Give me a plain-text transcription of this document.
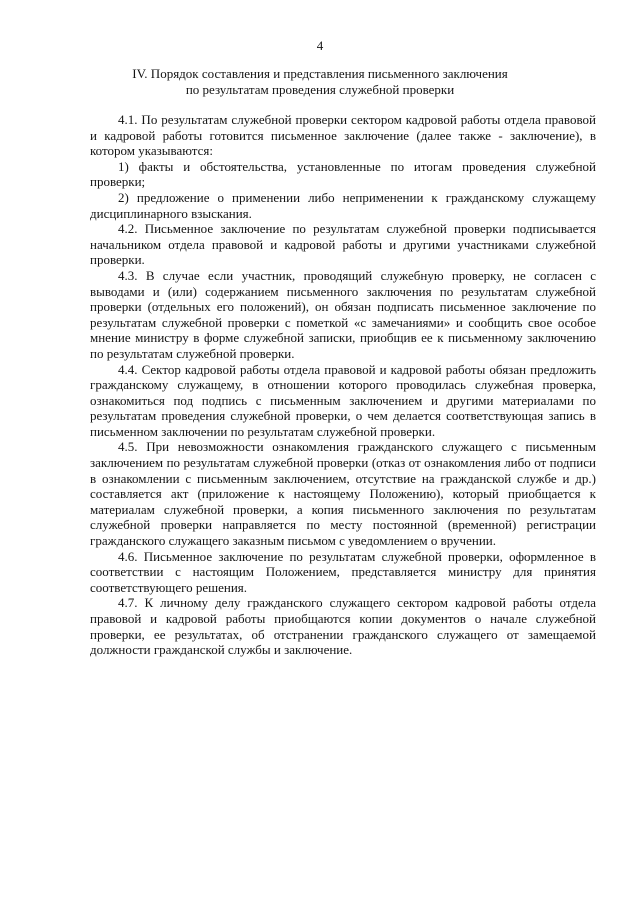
4
IV. Порядок составления и представления письменного заключения
по результатам проведения служебной проверки

4.1. По результатам служебной проверки сектором кадровой работы отдела правовой и кадровой работы готовится письменное заключение (далее также - заключение), в котором указываются:

1) факты и обстоятельства, установленные по итогам проведения служебной проверки;

2) предложение о применении либо неприменении к гражданскому служащему дисциплинарного взыскания.

4.2. Письменное заключение по результатам служебной проверки подписывается начальником отдела правовой и кадровой работы и другими участниками служебной проверки.

4.3. В случае если участник, проводящий служебную проверку, не согласен с выводами и (или) содержанием письменного заключения по результатам служебной проверки (отдельных его положений), он обязан подписать письменное заключение по результатам служебной проверки с пометкой «с замечаниями» и сообщить свое особое мнение министру в форме служебной записки, приобщив ее к письменному заключению по результатам служебной проверки.

4.4. Сектор кадровой работы отдела правовой и кадровой работы обязан предложить гражданскому служащему, в отношении которого проводилась служебная проверка, ознакомиться под подпись с письменным заключением и другими материалами по результатам проведения служебной проверки, о чем делается соответствующая запись в письменном заключении по результатам служебной проверки.

4.5. При невозможности ознакомления гражданского служащего с письменным заключением по результатам служебной проверки (отказ от ознакомления либо от подписи в ознакомлении с письменным заключением, отсутствие на гражданской службе и др.) составляется акт (приложение к настоящему Положению), который приобщается к материалам служебной проверки, а копия письменного заключения по результатам служебной проверки направляется по месту постоянной (временной) регистрации гражданского служащего заказным письмом с уведомлением о вручении.

4.6. Письменное заключение по результатам служебной проверки, оформленное в соответствии с настоящим Положением, представляется министру для принятия соответствующего решения.

4.7. К личному делу гражданского служащего сектором кадровой работы отдела правовой и кадровой работы приобщаются копии документов о начале служебной проверки, ее результатах, об отстранении гражданского служащего от замещаемой должности гражданской службы и заключение.
